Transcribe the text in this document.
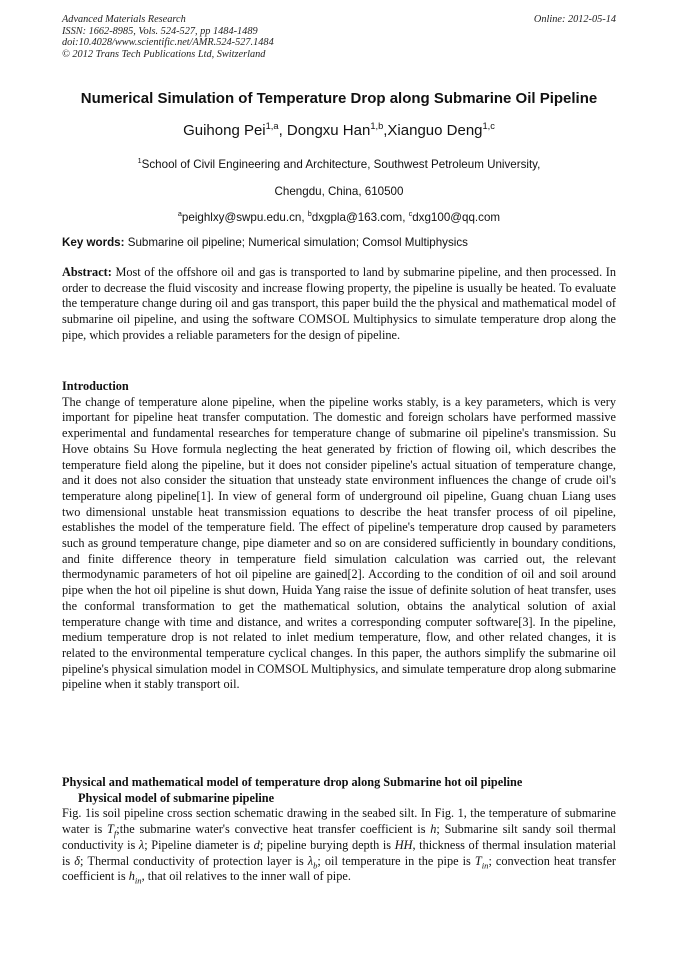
Advanced Materials Research
ISSN: 1662-8985, Vols. 524-527, pp 1484-1489
doi:10.4028/www.scientific.net/AMR.524-527.1484
© 2012 Trans Tech Publications Ltd, Switzerland
Online: 2012-05-14
Numerical Simulation of Temperature Drop along Submarine Oil Pipeline
Guihong Pei$^{1,a}$, Dongxu Han$^{1,b}$,Xianguo Deng$^{1,c}$
$^1$School of Civil Engineering and Architecture, Southwest Petroleum University,
Chengdu, China, 610500
$^a$peighlxy@swpu.edu.cn, $^b$dxgpla@163.com, $^c$dxg100@qq.com
Key words: Submarine oil pipeline; Numerical simulation; Comsol Multiphysics

Abstract: Most of the offshore oil and gas is transported to land by submarine pipeline, and then processed. In order to decrease the fluid viscosity and increase flowing property, the pipeline is usually be heated. To evaluate the temperature change during oil and gas transport, this paper build the the physical and mathematical model of submarine oil pipeline, and using the software COMSOL Multiphysics to simulate temperature drop along the pipe, which provides a reliable parameters for the design of pipeline.

Introduction

The change of temperature alone pipeline, when the pipeline works stably, is a key parameters, which is very important for pipeline heat transfer computation. The domestic and foreign scholars have performed massive experimental and fundamental researches for temperature change of submarine oil pipeline's transmission. Su Hove obtains Su Hove formula neglecting the heat generated by friction of flowing oil, which describes the temperature field along the pipeline, but it does not consider pipeline's actual situation of temperature change, and it does not also consider the situation that unsteady state environment influences the change of crude oil's temperature along pipeline[1]. In view of general form of underground oil pipeline, Guang chuan Liang uses two dimensional unstable heat transmission equations to describe the heat transfer process of oil pipeline, establishes the model of the temperature field. The effect of pipeline's temperature drop caused by parameters such as ground temperature change, pipe diameter and so on are considered sufficiently in boundary conditions, and finite difference theory in temperature field simulation calculation was carried out, the relevant thermodynamic parameters of hot oil pipeline are gained[2]. According to the condition of oil and soil around pipe when the hot oil pipeline is shut down, Huida Yang raise the issue of definite solution of heat transfer, uses the conformal transformation to get the mathematical solution, obtains the analytical solution of axial temperature change with time and distance, and writes a corresponding computer software[3]. In the pipeline, medium temperature drop is not related to inlet medium temperature, flow, and other related changes, it is related to the environmental temperature cyclical changes. In this paper, the authors simplify the submarine oil pipeline's physical simulation model in COMSOL Multiphysics, and simulate temperature drop along submarine pipeline when it stably transport oil.

Physical and mathematical model of temperature drop along Submarine hot oil pipeline
Physical model of submarine pipeline

Fig. 1is soil pipeline cross section schematic drawing in the seabed silt. In Fig. 1, the temperature of submarine water is $T_f;the$ submarine water's convective heat transfer coefficient is h; Submarine silt sandy soil thermal conductivity is λ; Pipeline diameter is d; pipeline burying depth is HH, thickness of thermal insulation material is δ; Thermal conductivity of protection layer is $\lambda_b$; oil temperature in the pipe is $T_{in}$; convection heat transfer coefficient is $h_{in}$, that oil relatives to the inner wall of pipe.
